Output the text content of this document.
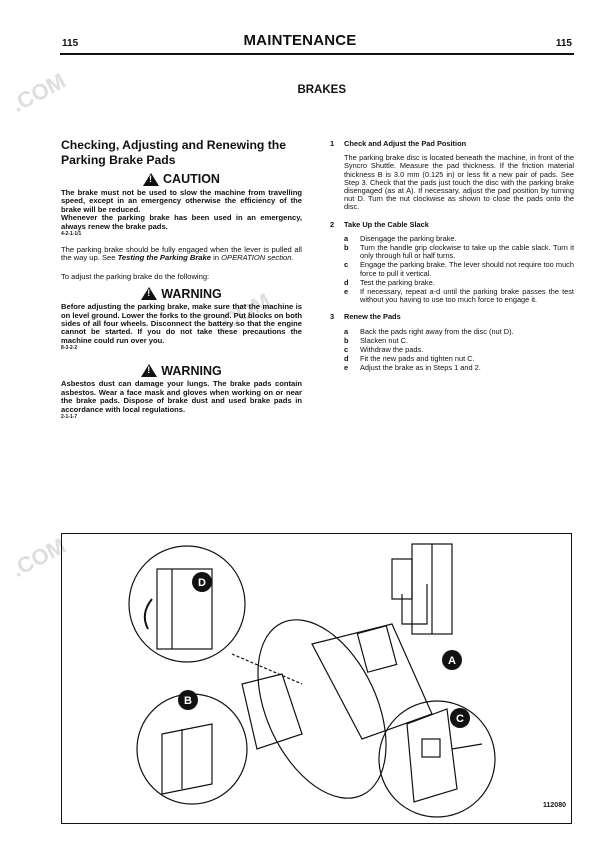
.COM
.COM
.COM
115	MAINTENANCE	115
BRAKES
Checking, Adjusting and Renewing the Parking Brake Pads
!
CAUTION

The brake must not be used to slow the machine from travelling speed, except in an emergency otherwise the efficiency of the brake will be reduced.

Whenever the parking brake has been used in an emergency, always renew the brake pads.

4-2-1-1/1

The parking brake should be fully engaged when the lever is pulled all the way up. See Testing the Parking Brake in OPERATION section.

To adjust the parking brake do the following:

!
WARNING

Before adjusting the parking brake, make sure that the machine is on level ground. Lower the forks to the ground. Put blocks on both sides of all four wheels. Disconnect the battery so that the engine cannot be started. If you do not take these precautions the machine could run over you.

8-3-2-2
!
WARNING

Asbestos dust can damage your lungs. The brake pads contain asbestos. Wear a face mask and gloves when working on or near the brake pads. Dispose of brake dust and used brake pads in accordance with local regulations.

2-1-1-7
1	Check and Adjust the Pad Position

The parking brake disc is located beneath the machine, in front of the Syncro Shuttle. Measure the pad thickness. If the friction material thickness B is 3.0 mm (0.125 in) or less fit a new pair of pads. See Step 3. Check that the pads just touch the disc with the parking brake disengaged (as at A). If necessary, adjust the pad position by turning nut D. Turn the nut clockwise as shown to close the pads onto the disc.

2	Take Up the Cable Slack
a	Disengage the parking brake.
b	Turn the handle grip clockwise to take up the cable slack. Turn it only through full or half turns.
c	Engage the parking brake. The lever should not require too much force to pull it vertical.
d	Test the parking brake.
e	If necessary, repeat a-d until the parking brake passes the test without you having to use too much force to engage it.
3	Renew the Pads
a	Back the pads right away from the disc (nut D).
b	Slacken nut C.
c	Withdraw the pads.
d	Fit the new pads and tighten nut C.
e	Adjust the brake as in Steps 1 and 2.
D
A
B
C
112080
